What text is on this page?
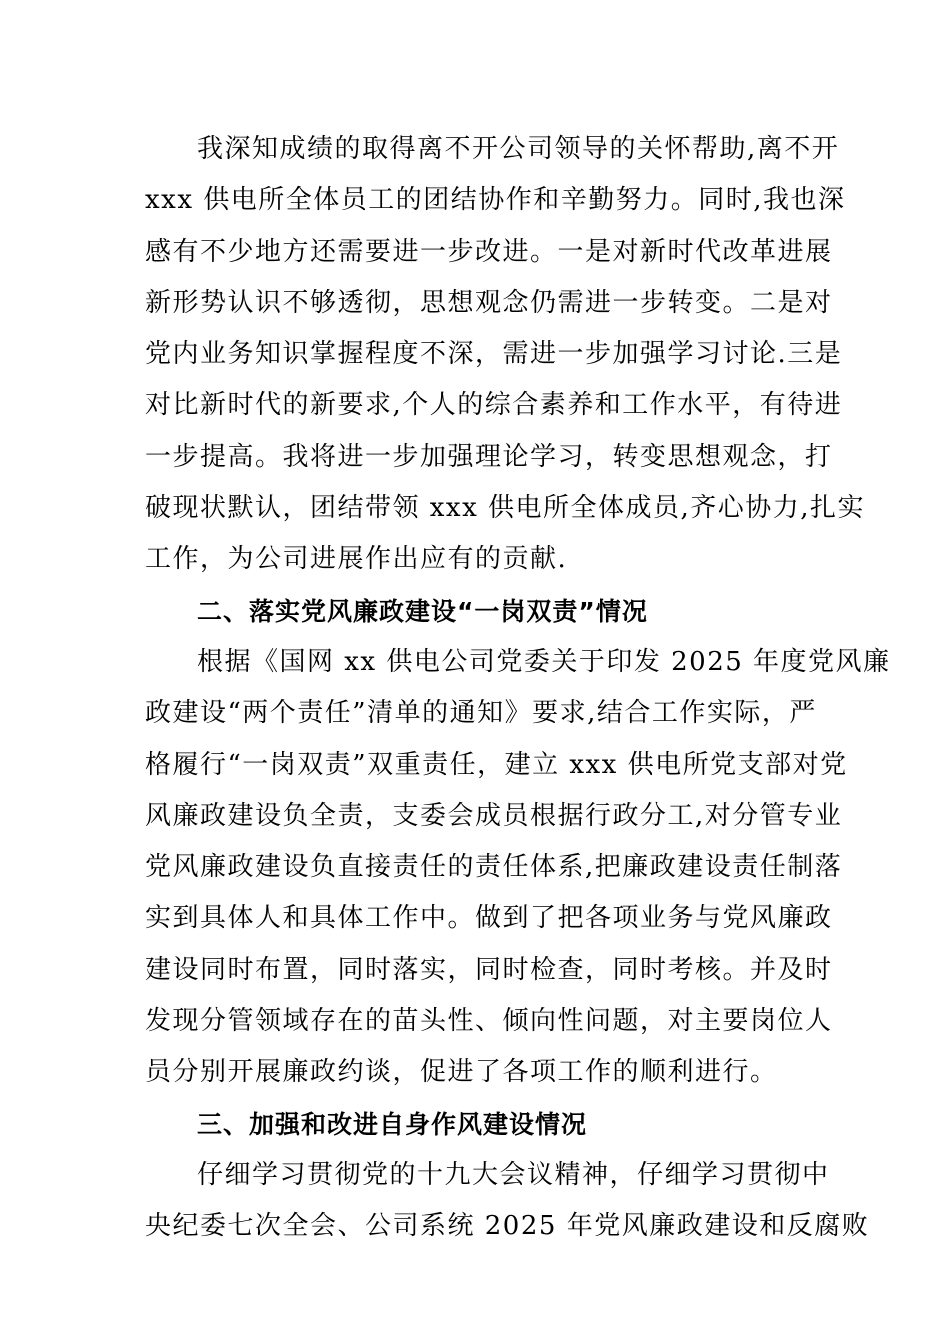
我深知成绩的取得离不开公司领导的关怀帮助,离不开
xxx 供电所全体员工的团结协作和辛勤努力。同时,我也深
感有不少地方还需要进一步改进。一是对新时代改革进展
新形势认识不够透彻，思想观念仍需进一步转变。二是对
党内业务知识掌握程度不深，需进一步加强学习讨论.三是
对比新时代的新要求,个人的综合素养和工作水平，有待进
一步提高。我将进一步加强理论学习，转变思想观念，打
破现状默认，团结带领 xxx 供电所全体成员,齐心协力,扎实
工作，为公司进展作出应有的贡献.
二、落实党风廉政建设“一岗双责”情况
根据《国网 xx 供电公司党委关于印发 2025 年度党风廉
政建设“两个责任”清单的通知》要求,结合工作实际，严
格履行“一岗双责”双重责任，建立 xxx 供电所党支部对党
风廉政建设负全责，支委会成员根据行政分工,对分管专业
党风廉政建设负直接责任的责任体系,把廉政建设责任制落
实到具体人和具体工作中。做到了把各项业务与党风廉政
建设同时布置，同时落实，同时检查，同时考核。并及时
发现分管领域存在的苗头性、倾向性问题，对主要岗位人
员分别开展廉政约谈，促进了各项工作的顺利进行。
三、加强和改进自身作风建设情况
仔细学习贯彻党的十九大会议精神，仔细学习贯彻中
央纪委七次全会、公司系统 2025 年党风廉政建设和反腐败
